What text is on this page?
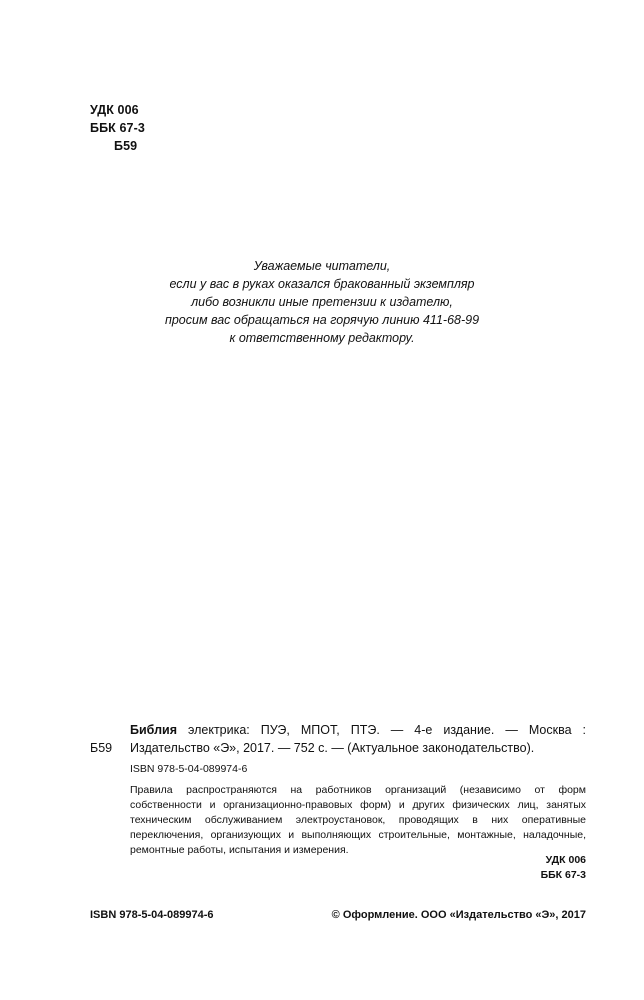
УДК 006
ББК 67-3
Б59
Уважаемые читатели,
если у вас в руках оказался бракованный экземпляр
либо возникли иные претензии к издателю,
просим вас обращаться на горячую линию 411-68-99
к ответственному редактору.
Б59
Библия электрика: ПУЭ, МПОТ, ПТЭ. — 4-е издание. — Москва : Издательство «Э», 2017. — 752 с. — (Актуальное законодательство).
ISBN 978-5-04-089974-6
Правила распространяются на работников организаций (независимо от форм собственности и организационно-правовых форм) и других физических лиц, занятых техническим обслуживанием электроустановок, проводящих в них оперативные переключения, организующих и выполняющих строительные, монтажные, наладочные, ремонтные работы, испытания и измерения.
УДК 006
ББК 67-3
ISBN 978-5-04-089974-6	© Оформление. ООО «Издательство «Э», 2017
